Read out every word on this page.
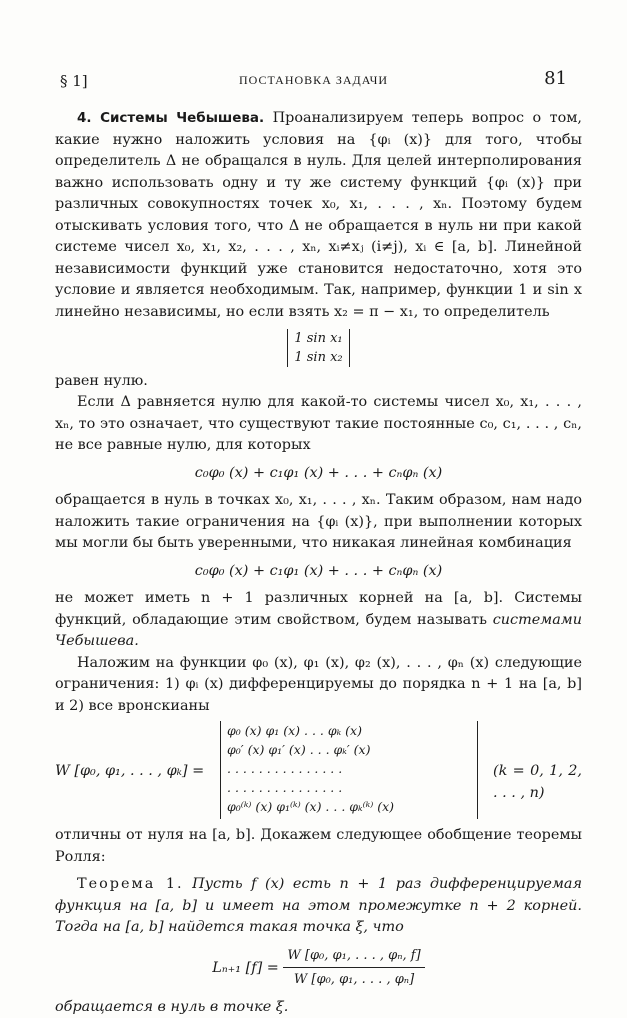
§ 1]	ПОСТАНОВКА ЗАДАЧИ	81

4. Системы Чебышева. Проанализируем теперь вопрос о том, какие нужно наложить условия на {φᵢ (x)} для того, чтобы определитель Δ не обращался в нуль. Для целей интерполирования важно использовать одну и ту же систему функций {φᵢ (x)} при различных совокупностях точек x₀, x₁, . . . , xₙ. Поэтому будем отыскивать условия того, что Δ не обращается в нуль ни при какой системе чисел x₀, x₁, x₂, . . . , xₙ, xᵢ≠xⱼ (i≠j), xᵢ ∈ [a, b]. Линейной независимости функций уже становится недостаточно, хотя это условие и является необходимым. Так, например, функции 1 и sin x линейно независимы, но если взять x₂ = π − x₁, то определитель

1 sin x₁
1 sin x₂

равен нулю.

Если Δ равняется нулю для какой-то системы чисел x₀, x₁, . . . , xₙ, то это означает, что существуют такие постоянные c₀, c₁, . . . , cₙ, не все равные нулю, для которых

c₀φ₀ (x) + c₁φ₁ (x) + . . . + cₙφₙ (x)

обращается в нуль в точках x₀, x₁, . . . , xₙ. Таким образом, нам надо наложить такие ограничения на {φᵢ (x)}, при выполнении которых мы могли бы быть уверенными, что никакая линейная комбинация

c₀φ₀ (x) + c₁φ₁ (x) + . . . + cₙφₙ (x)

не может иметь n + 1 различных корней на [a, b]. Системы функций, обладающие этим свойством, будем называть системами Чебышева.

Наложим на функции φ₀ (x), φ₁ (x), φ₂ (x), . . . , φₙ (x) следующие ограничения: 1) φᵢ (x) дифференцируемы до порядка n + 1 на [a, b] и 2) все вронскианы

W [φ₀, φ₁, . . . , φₖ] =
φ₀ (x) φ₁ (x) . . . φₖ (x)
φ₀′ (x) φ₁′ (x) . . . φₖ′ (x)
. . . . . . . . . . . . . . .
. . . . . . . . . . . . . . .
φ₀⁽ᵏ⁾ (x) φ₁⁽ᵏ⁾ (x) . . . φₖ⁽ᵏ⁾ (x)
(k = 0, 1, 2, . . . , n)

отличны от нуля на [a, b]. Докажем следующее обобщение теоремы Ролля:

Теорема 1. Пусть f (x) есть n + 1 раз дифференцируемая функция на [a, b] и имеет на этом промежутке n + 2 корней. Тогда на [a, b] найдется такая точка ξ, что

Lₙ₊₁ $[f] = \frac{\text{W [φ₀, φ₁, . . . , φₙ, f]}}{\text{W [φ₀, φ₁, . . . , φₙ]}}$

обращается в нуль в точке ξ.
